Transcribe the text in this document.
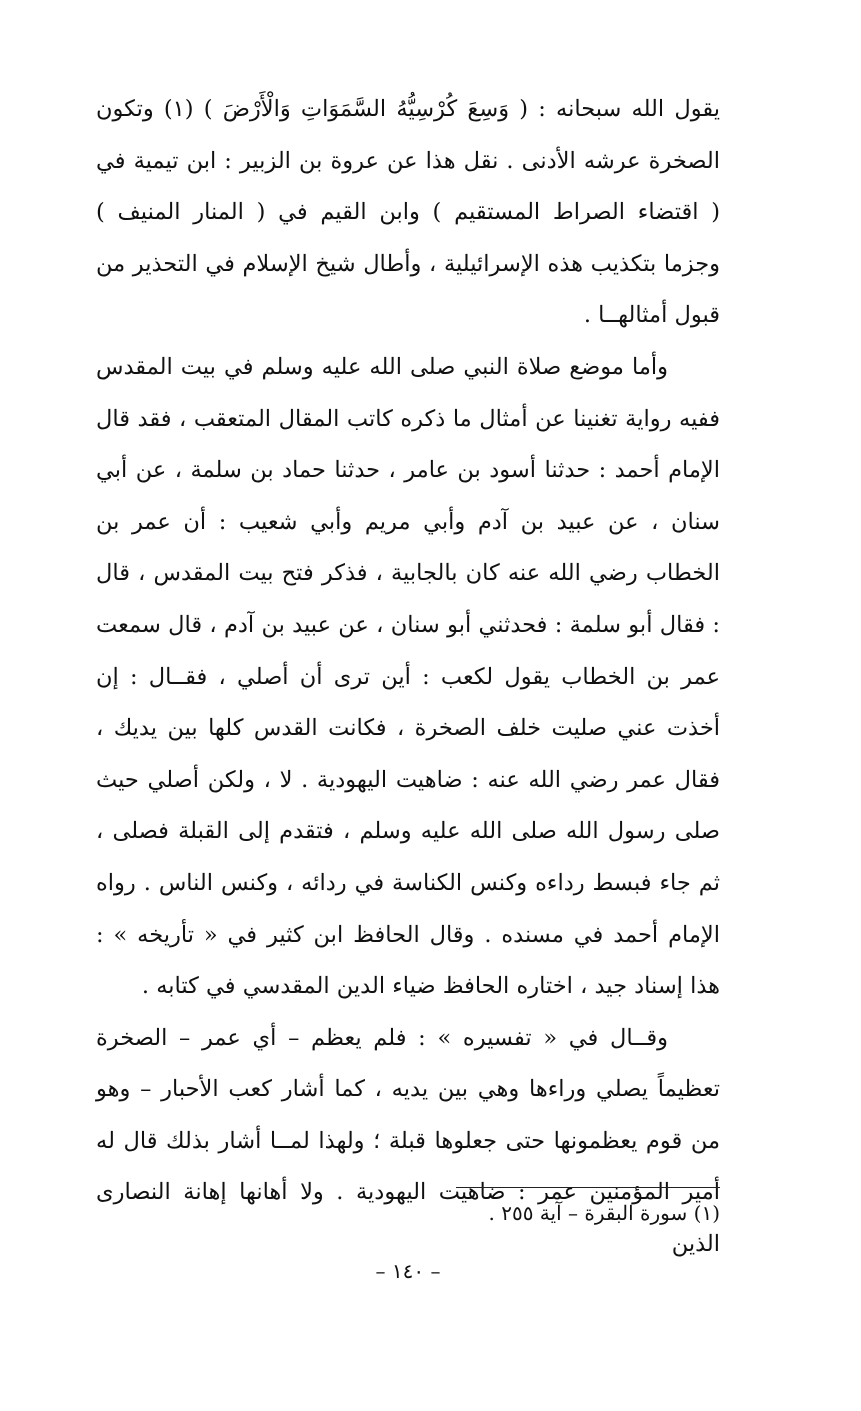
يقول الله سبحانه : ( وَسِعَ كُرْسِيُّهُ السَّمَوَاتِ وَالْأَرْضَ ) (١) وتكون الصخرة عرشه الأدنى . نقل هذا عن عروة بن الزبير : ابن تيمية في ( اقتضاء الصراط المستقيم ) وابن القيم في ( المنار المنيف ) وجزما بتكذيب هذه الإسرائيلية ، وأطال شيخ الإسلام في التحذير من قبول أمثالهــا .

وأما موضع صلاة النبي صلى الله عليه وسلم في بيت المقدس ففيه رواية تغنينا عن أمثال ما ذكره كاتب المقال المتعقب ، فقد قال الإمام أحمد : حدثنا أسود بن عامر ، حدثنا حماد بن سلمة ، عن أبي سنان ، عن عبيد بن آدم وأبي مريم وأبي شعيب : أن عمر بن الخطاب رضي الله عنه كان بالجابية ، فذكر فتح بيت المقدس ، قال : فقال أبو سلمة : فحدثني أبو سنان ، عن عبيد بن آدم ، قال سمعت عمر بن الخطاب يقول لكعب : أين ترى أن أصلي ، فقــال : إن أخذت عني صليت خلف الصخرة ، فكانت القدس كلها بين يديك ، فقال عمر رضي الله عنه : ضاهيت اليهودية . لا ، ولكن أصلي حيث صلى رسول الله صلى الله عليه وسلم ، فتقدم إلى القبلة فصلى ، ثم جاء فبسط رداءه وكنس الكناسة في ردائه ، وكنس الناس . رواه الإمام أحمد في مسنده . وقال الحافظ ابن كثير في « تأريخه » : هذا إسناد جيد ، اختاره الحافظ ضياء الدين المقدسي في كتابه .

وقــال في « تفسيره » : فلم يعظم – أي عمر – الصخرة تعظيماً يصلي وراءها وهي بين يديه ، كما أشار كعب الأحبار – وهو من قوم يعظمونها حتى جعلوها قبلة ؛ ولهذا لمــا أشار بذلك قال له أمير المؤمنين عمر : ضاهيت اليهودية . ولا أهانها إهانة النصارى الذين

(١) سورة البقرة – آية ٢٥٥ .
– ١٤٠ –
